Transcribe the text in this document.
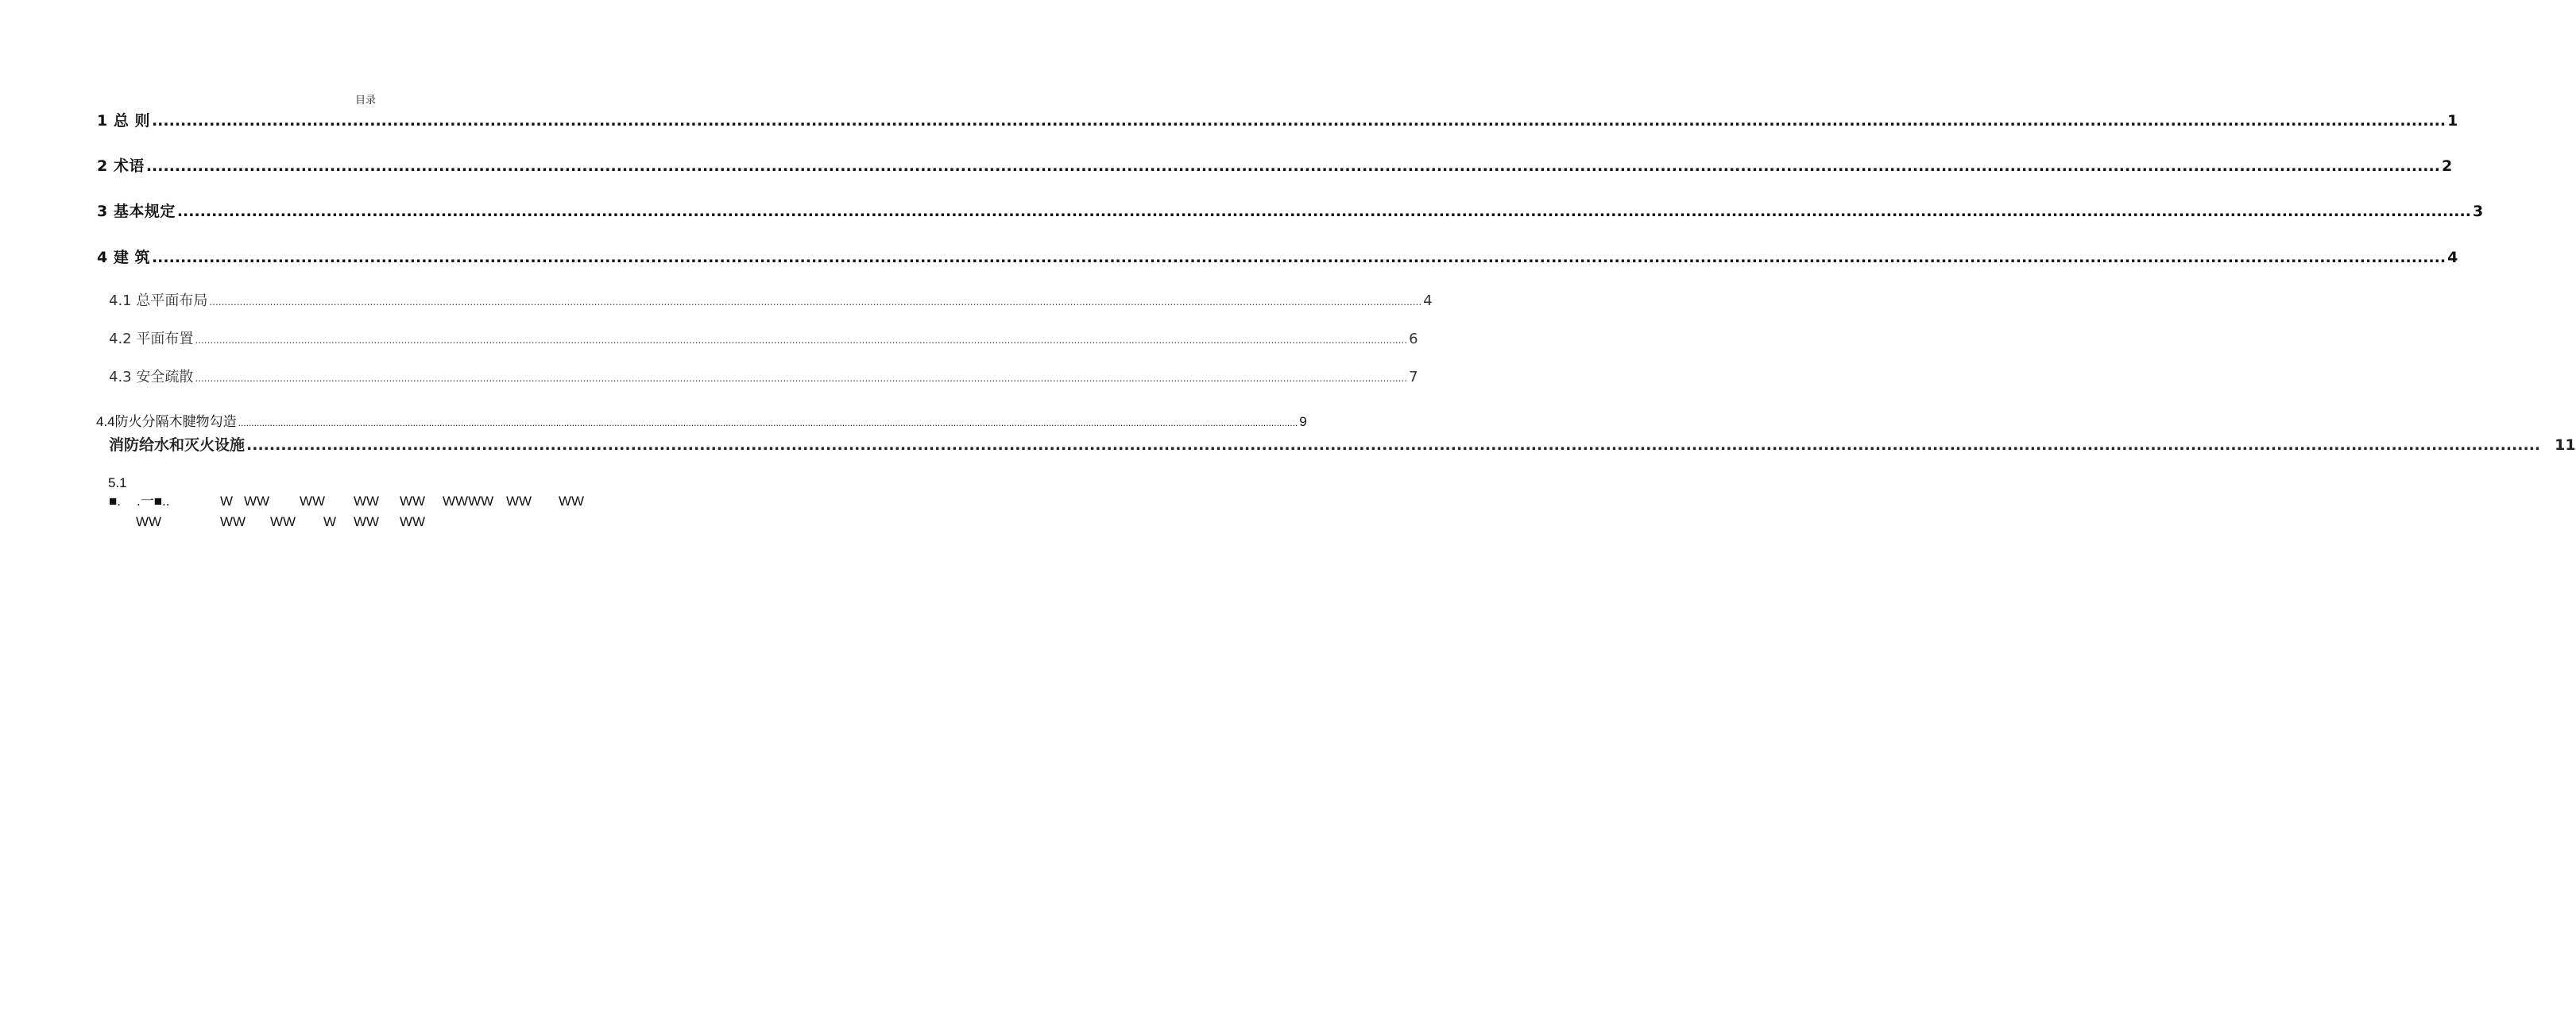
目录
1 总 则 ................................................................................................................................................................................................................................................................................................................................................................................................................ 1
2 术语 ................................................................................................................................................................................................................................................................................................................................................................................................................ 2
3 基本规定 ................................................................................................................................................................................................................................................................................................................................................................................................................ 3
4 建 筑 ................................................................................................................................................................................................................................................................................................................................................................................................................ 4
4.1 总平面布局 ................................................................................................................................................................................................................................................................................................................................................................................................................ 4
4.2 平面布置 ................................................................................................................................................................................................................................................................................................................................................................................................................ 6
4.3 安全疏散 ................................................................................................................................................................................................................................................................................................................................................................................................................ 7
4.4防火分隔木腱物勾造 ................................................................................................................................................................................................................................................................................................................................................................................................................ 9
消防给水和灭火设施 ................................................................................................................................................................................................................................................................................................................................................................................................................ 11
5.1
■. .一■..	W WW WW WW WW WWWW WW WW
WW	WW WW W WW WW
